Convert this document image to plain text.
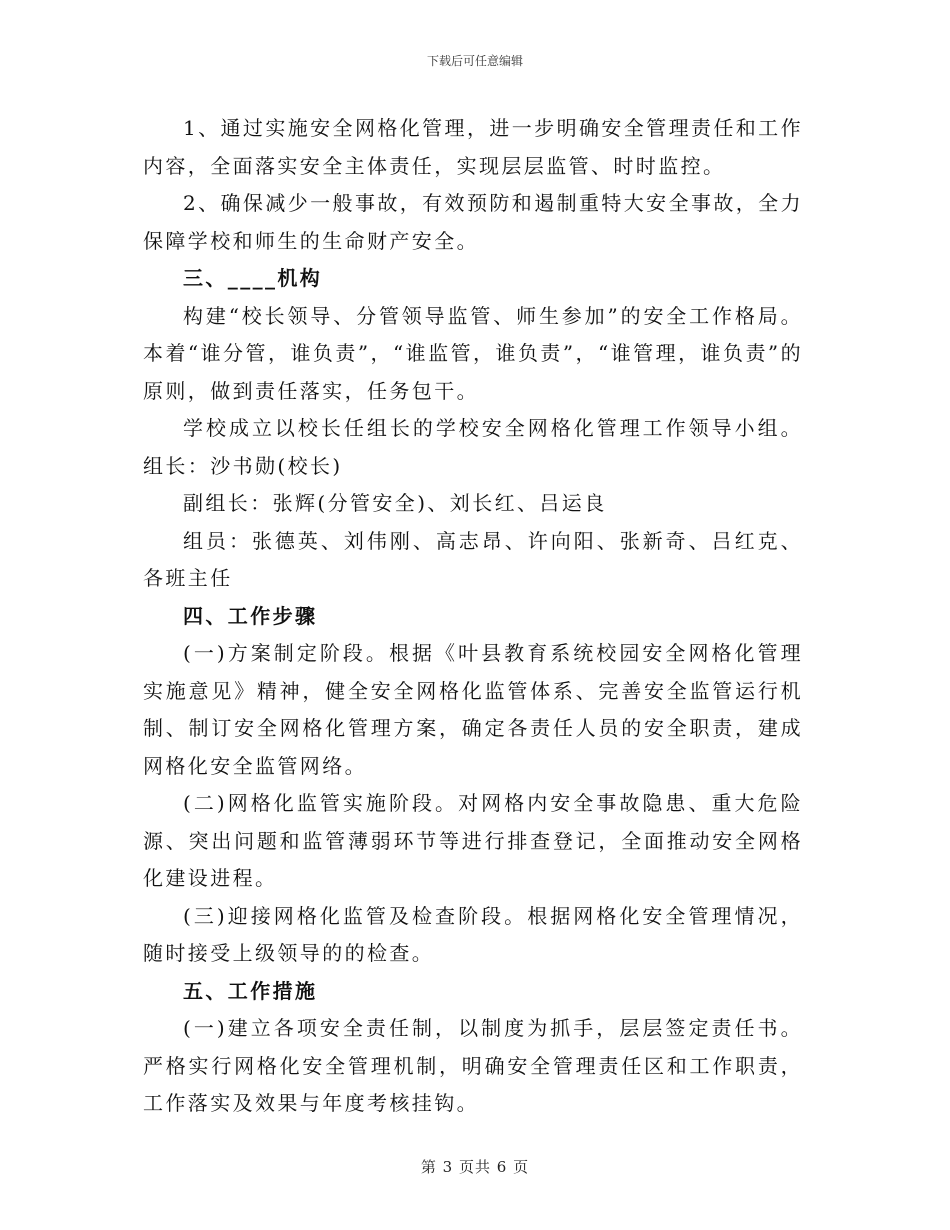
下载后可任意编辑

1、通过实施安全网格化管理，进一步明确安全管理责任和工作内容，全面落实安全主体责任，实现层层监管、时时监控。

2、确保减少一般事故，有效预防和遏制重特大安全事故，全力保障学校和师生的生命财产安全。

三、____机构

构建“校长领导、分管领导监管、师生参加”的安全工作格局。本着“谁分管，谁负责”，“谁监管，谁负责”，“谁管理，谁负责”的原则，做到责任落实，任务包干。

学校成立以校长任组长的学校安全网格化管理工作领导小组。组长：沙书勋(校长)

副组长：张辉(分管安全)、刘长红、吕运良

组员：张德英、刘伟刚、高志昂、许向阳、张新奇、吕红克、各班主任

四、工作步骤

(一)方案制定阶段。根据《叶县教育系统校园安全网格化管理实施意见》精神，健全安全网格化监管体系、完善安全监管运行机制、制订安全网格化管理方案，确定各责任人员的安全职责，建成网格化安全监管网络。

(二)网格化监管实施阶段。对网格内安全事故隐患、重大危险源、突出问题和监管薄弱环节等进行排查登记，全面推动安全网格化建设进程。

(三)迎接网格化监管及检查阶段。根据网格化安全管理情况，随时接受上级领导的的检查。

五、工作措施

(一)建立各项安全责任制，以制度为抓手，层层签定责任书。严格实行网格化安全管理机制，明确安全管理责任区和工作职责，工作落实及效果与年度考核挂钩。

第 3 页共 6 页
